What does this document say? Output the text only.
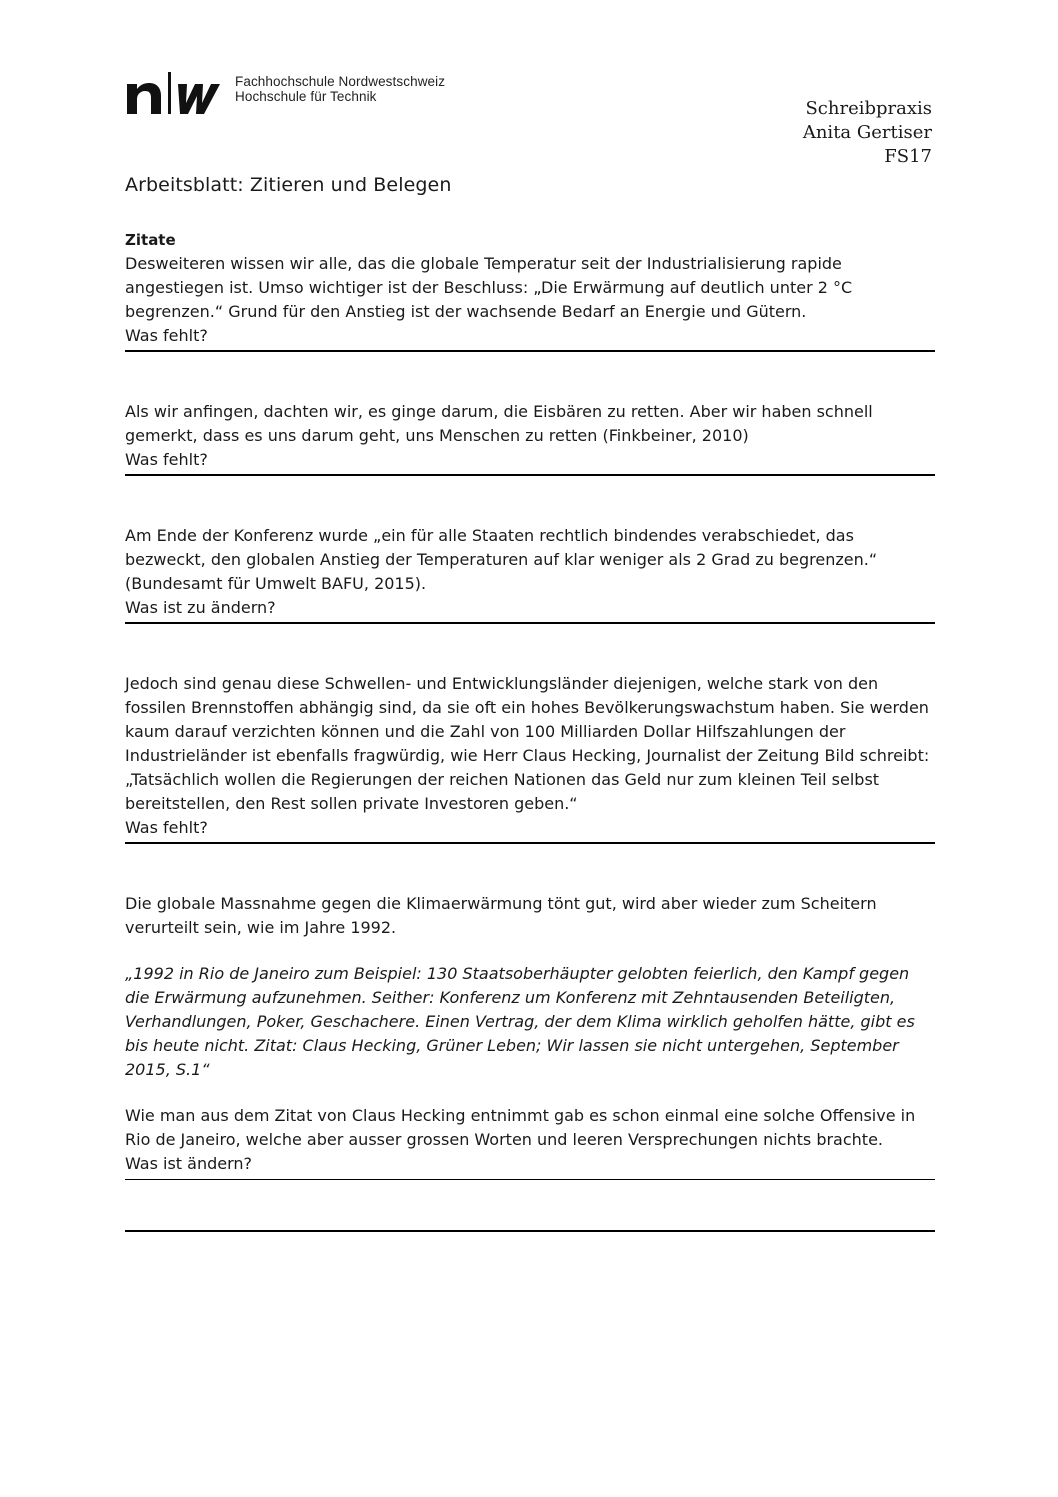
Fachhochschule Nordwestschweiz
Hochschule für Technik
Schreibpraxis
Anita Gertiser
FS17
Arbeitsblatt: Zitieren und Belegen

Zitate

Desweiteren wissen wir alle, das die globale Temperatur seit der Industrialisierung rapide angestiegen ist. Umso wichtiger ist der Beschluss: „Die Erwärmung auf deutlich unter 2 °C begrenzen.“ Grund für den Anstieg ist der wachsende Bedarf an Energie und Gütern.

Was fehlt?

Als wir anfingen, dachten wir, es ginge darum, die Eisbären zu retten. Aber wir haben schnell gemerkt, dass es uns darum geht, uns Menschen zu retten (Finkbeiner, 2010)

Was fehlt?

Am Ende der Konferenz wurde „ein für alle Staaten rechtlich bindendes verabschiedet, das bezweckt, den globalen Anstieg der Temperaturen auf klar weniger als 2 Grad zu begrenzen.“ (Bundesamt für Umwelt BAFU, 2015).

Was ist zu ändern?

Jedoch sind genau diese Schwellen- und Entwicklungsländer diejenigen, welche stark von den fossilen Brennstoffen abhängig sind, da sie oft ein hohes Bevölkerungswachstum haben. Sie werden kaum darauf verzichten können und die Zahl von 100 Milliarden Dollar Hilfszahlungen der Industrieländer ist ebenfalls fragwürdig, wie Herr Claus Hecking, Journalist der Zeitung Bild schreibt: „Tatsächlich wollen die Regierungen der reichen Nationen das Geld nur zum kleinen Teil selbst bereitstellen, den Rest sollen private Investoren geben.“

Was fehlt?

Die globale Massnahme gegen die Klimaerwärmung tönt gut, wird aber wieder zum Scheitern verurteilt sein, wie im Jahre 1992.

„1992 in Rio de Janeiro zum Beispiel: 130 Staatsoberhäupter gelobten feierlich, den Kampf gegen die Erwärmung aufzunehmen. Seither: Konferenz um Konferenz mit Zehntausenden Beteiligten, Verhandlungen, Poker, Geschachere. Einen Vertrag, der dem Klima wirklich geholfen hätte, gibt es bis heute nicht. Zitat: Claus Hecking, Grüner Leben; Wir lassen sie nicht untergehen, September 2015, S.1“

Wie man aus dem Zitat von Claus Hecking entnimmt gab es schon einmal eine solche Offensive in Rio de Janeiro, welche aber ausser grossen Worten und leeren Versprechungen nichts brachte.

Was ist ändern?
